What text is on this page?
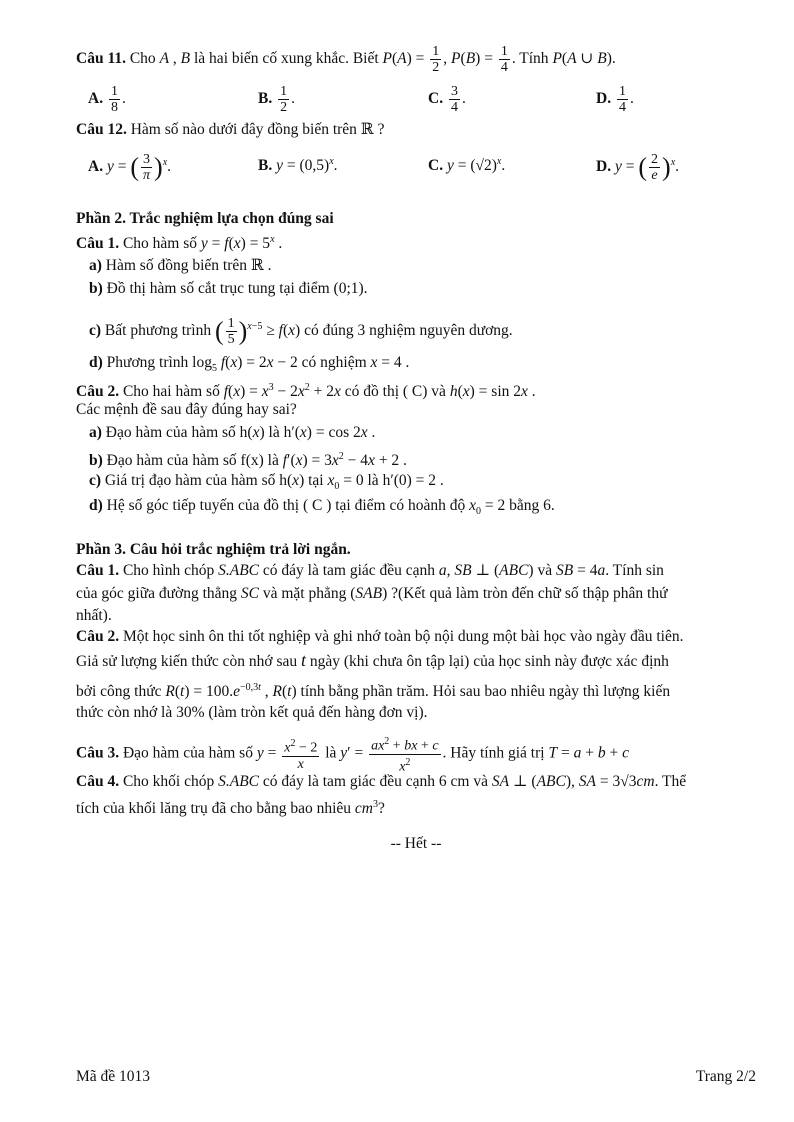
Câu 11. Cho A , B là hai biến cố xung khắc. Biết $P(A) = \frac{1}{2}$ , $P(B) = \frac{1}{4}$ . Tính P(A ∪ B).
A. $\frac{1}{8}$ .	B. $\frac{1}{2}$ .	C. $\frac{3}{4}$ .	D. $\frac{1}{4}$ .
Câu 12. Hàm số nào dưới đây đồng biến trên ℝ ?
A. y = ( $\frac{3}{\pi} )^x$.	B. $y = (0,5)^x$.	C. $y = (√2)^x$.	D. y = ( $\frac{2}{e} )^x$.
Phần 2. Trắc nghiệm lựa chọn đúng sai
Câu 1. Cho hàm số $y = f(x) = 5^x$ .
a) Hàm số đồng biến trên ℝ .
b) Đồ thị hàm số cắt trục tung tại điểm (0;1).
c) Bất phương trình ( $\frac{1}{5} )^{x-5} \ge f(x)$ có đúng 3 nghiệm nguyên dương.
d) Phương trình $\log_5 f(x) = 2x - 2$ có nghiệm x = 4 .
Câu 2. Cho hai hàm số $f(x) = x^3 - 2x^2 + 2x$ có đồ thị ( C) và h(x) = sin 2x .
Các mệnh đề sau đây đúng hay sai?
a) Đạo hàm của hàm số h(x) là h′(x) = cos 2x .
b) Đạo hàm của hàm số f(x) là $f'(x) = 3x^2 - 4x + 2$ .
c) Giá trị đạo hàm của hàm số h(x) tại $x_0 = 0$ là h′(0) = 2 .
d) Hệ số góc tiếp tuyến của đồ thị ( C ) tại điểm có hoành độ $x_0 = 2$ bằng 6.
Phần 3. Câu hỏi trắc nghiệm trả lời ngắn.
Câu 1. Cho hình chóp S.ABC có đáy là tam giác đều cạnh a, SB ⊥ (ABC) và SB = 4a. Tính sin
của góc giữa đường thẳng SC và mặt phẳng (SAB) ?(Kết quả làm tròn đến chữ số thập phân thứ
nhất).
Câu 2. Một học sinh ôn thi tốt nghiệp và ghi nhớ toàn bộ nội dung một bài học vào ngày đầu tiên.
Giả sử lượng kiến thức còn nhớ sau t ngày (khi chưa ôn tập lại) của học sinh này được xác định
bởi công thức $R(t) = 100.e^{-0,3t}$ , R(t) tính bằng phần trăm. Hỏi sau bao nhiêu ngày thì lượng kiến
thức còn nhớ là 30% (làm tròn kết quả đến hàng đơn vị).
Câu 3. Đạo hàm của hàm số $y = \frac{x^2 - 2}{x}$ là $y' = \frac{ax^2 + bx + c}{x^2}$ . Hãy tính giá trị T = a + b + c
Câu 4. Cho khối chóp S.ABC có đáy là tam giác đều cạnh 6 cm và SA ⊥ (ABC), SA = 3√3cm. Thể
tích của khối lăng trụ đã cho bằng bao nhiêu $cm^3$?
-- Hết --
Mã đề 1013	Trang 2/2
